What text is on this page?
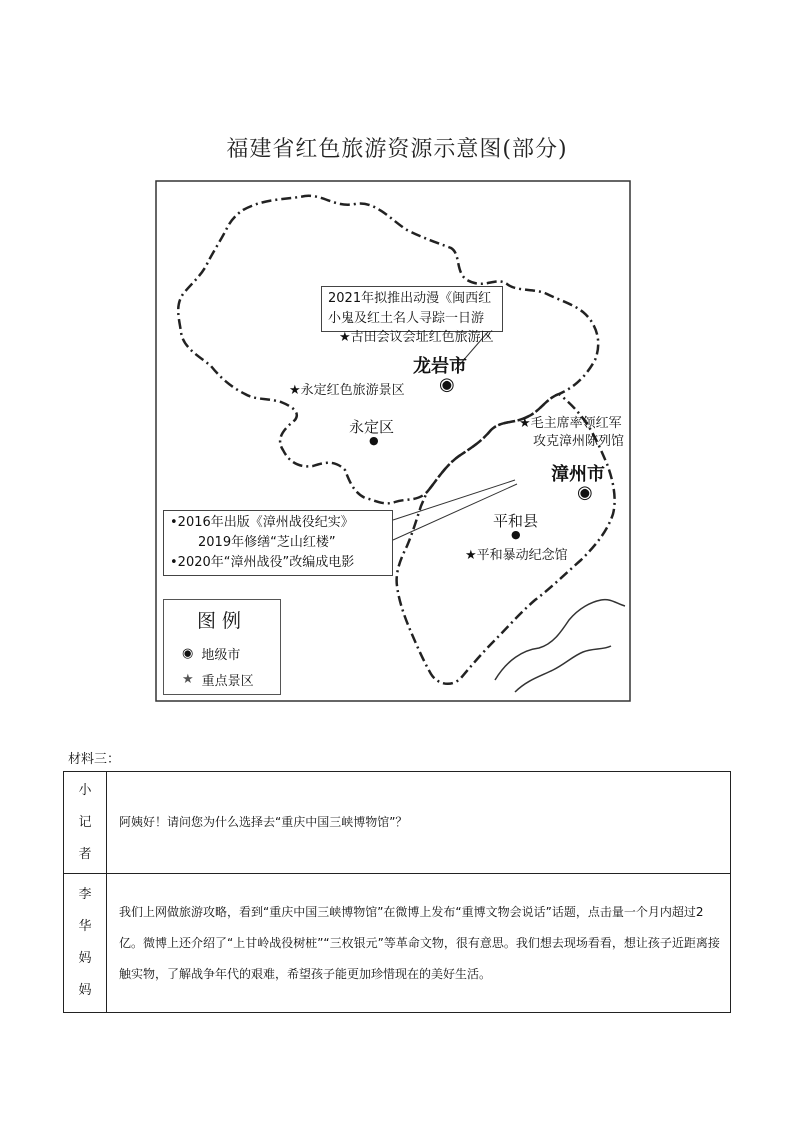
福建省红色旅游资源示意图(部分)
2021年拟推出动漫《闽西红
小鬼及红土名人寻踪一日游
★古田会议会址红色旅游区
龙岩市
◉
★永定红色旅游景区
永定区
●
★毛主席率领红军
攻克漳州陈列馆
漳州市
◉
平和县
●
★平和暴动纪念馆
•2016年出版《漳州战役纪实》
2019年修缮“芝山红楼”
•2020年“漳州战役”改编成电影
图例
◉ 地级市
★ 重点景区
材料三：
小
记
者	阿姨好！请问您为什么选择去“重庆中国三峡博物馆”？

李
华
妈
妈	我们上网做旅游攻略，看到“重庆中国三峡博物馆”在微博上发布“重博文物会说话”话题，点击量一个月内超过2亿。微博上还介绍了“上甘岭战役树桩”“三枚银元”等革命文物，很有意思。我们想去现场看看，想让孩子近距离接触实物，了解战争年代的艰难，希望孩子能更加珍惜现在的美好生活。
